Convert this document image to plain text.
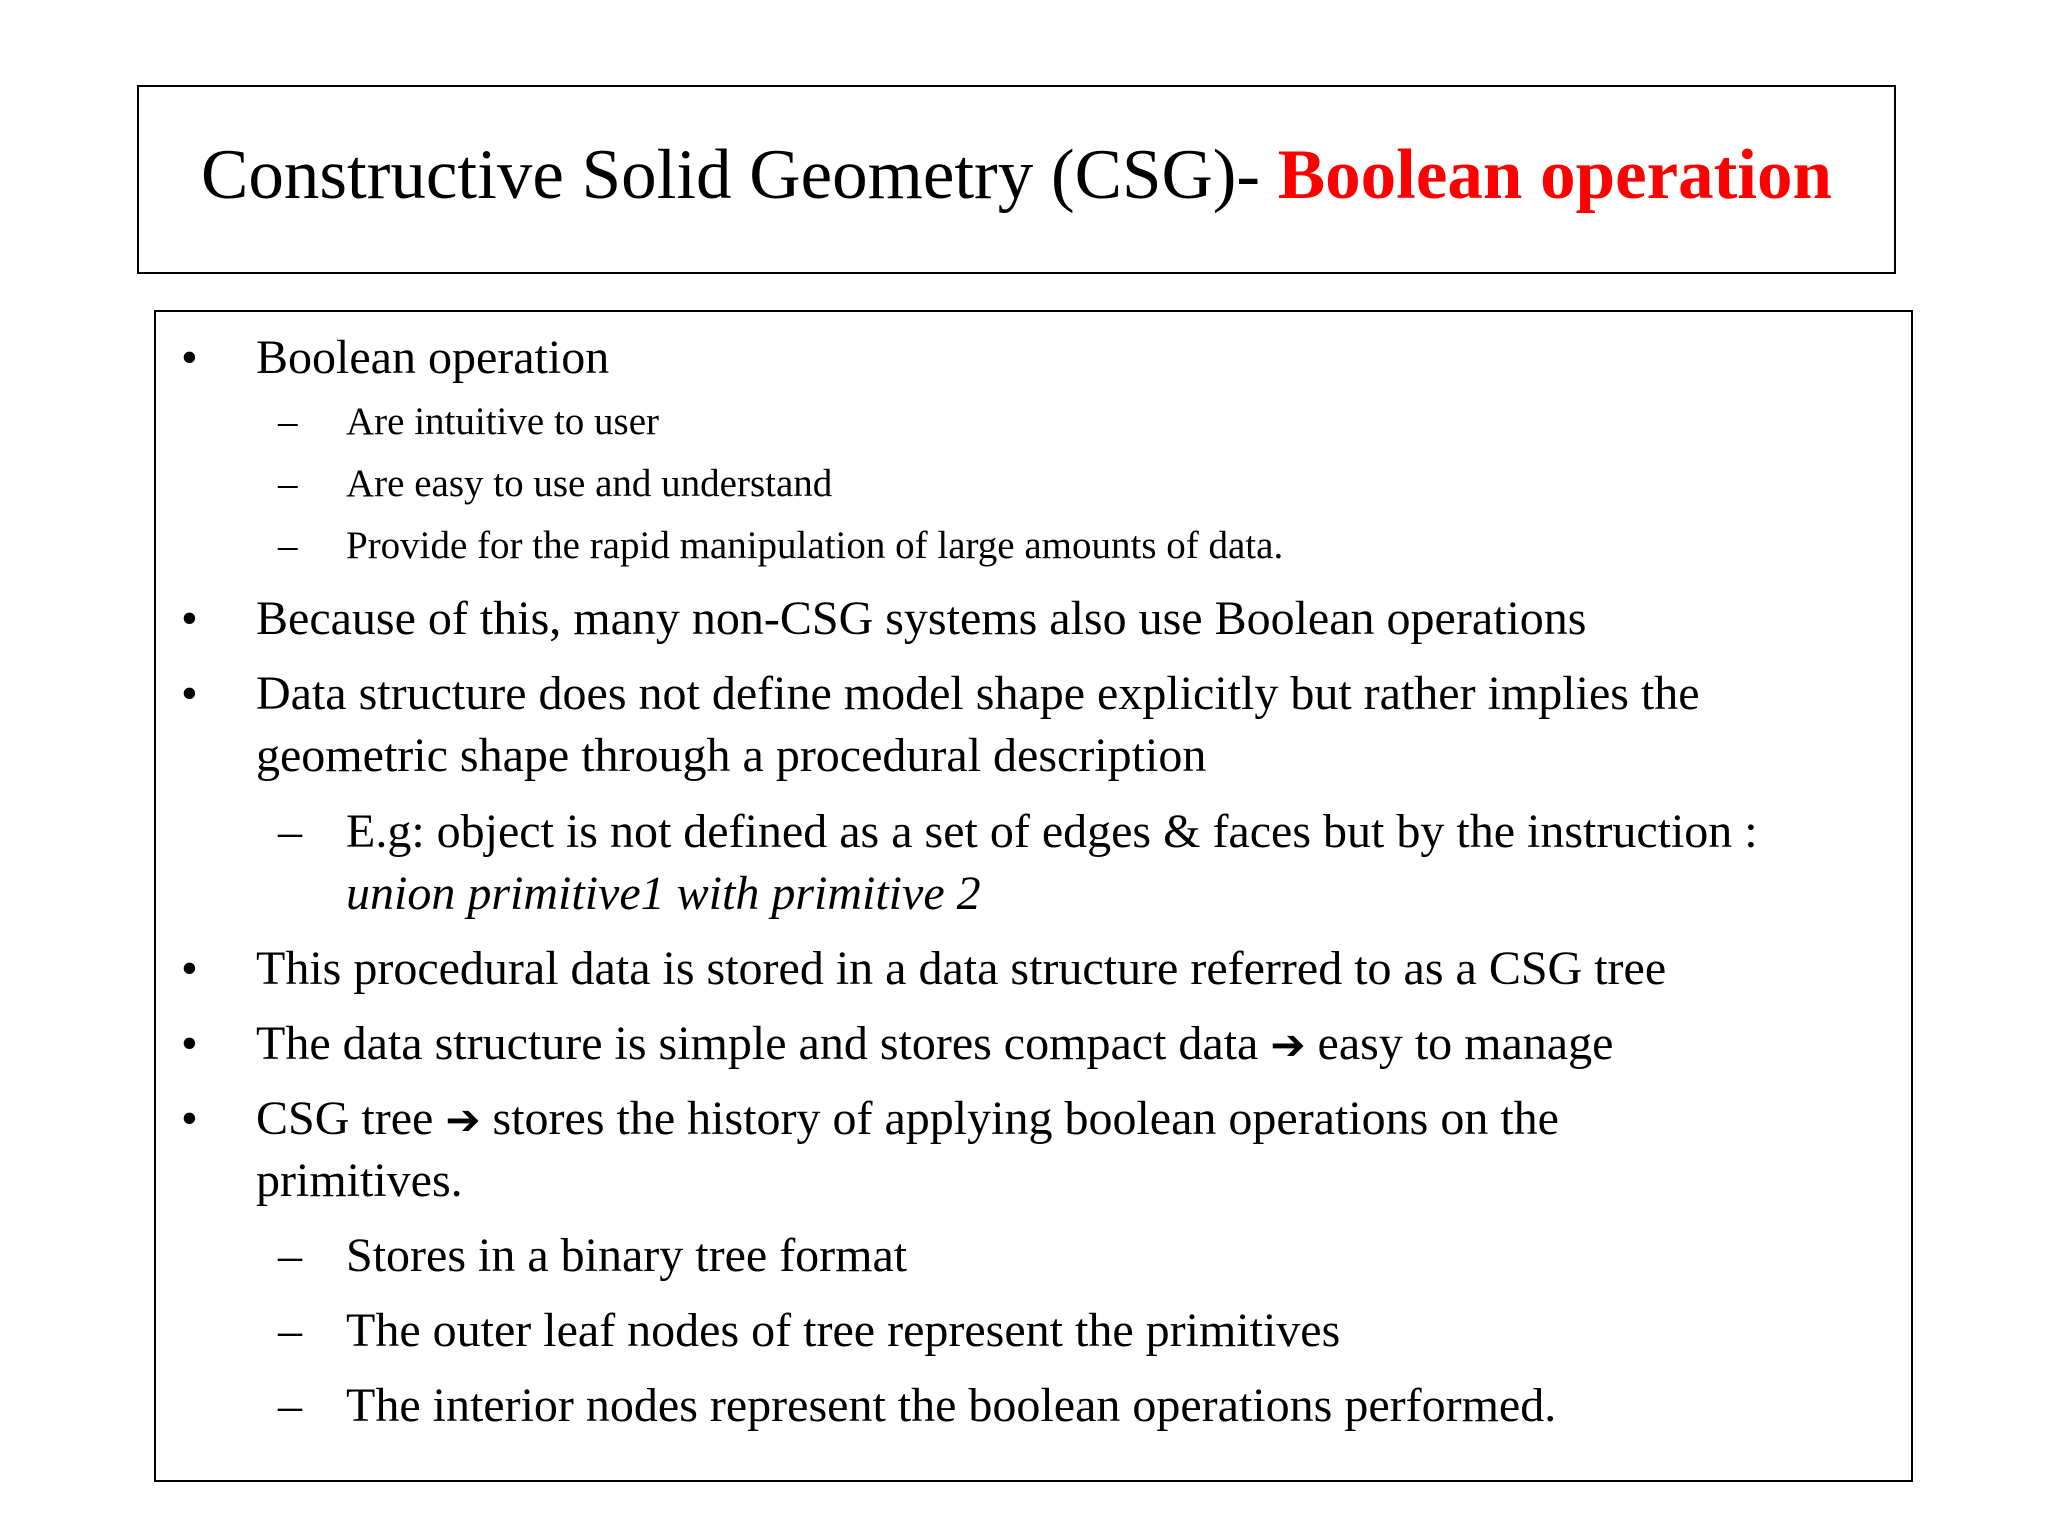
Constructive Solid Geometry (CSG)- Boolean operation
• Boolean operation
– Are intuitive to user
– Are easy to use and understand
– Provide for the rapid manipulation of large amounts of data.
• Because of this, many non-CSG systems also use Boolean operations
• Data structure does not define model shape explicitly but rather implies the
geometric shape through a procedural description
– E.g: object is not defined as a set of edges & faces but by the instruction :
union primitive1 with primitive 2
• This procedural data is stored in a data structure referred to as a CSG tree
• The data structure is simple and stores compact data ➔ easy to manage
• CSG tree ➔ stores the history of applying boolean operations on the
primitives.
– Stores in a binary tree format
– The outer leaf nodes of tree represent the primitives
– The interior nodes represent the boolean operations performed.
